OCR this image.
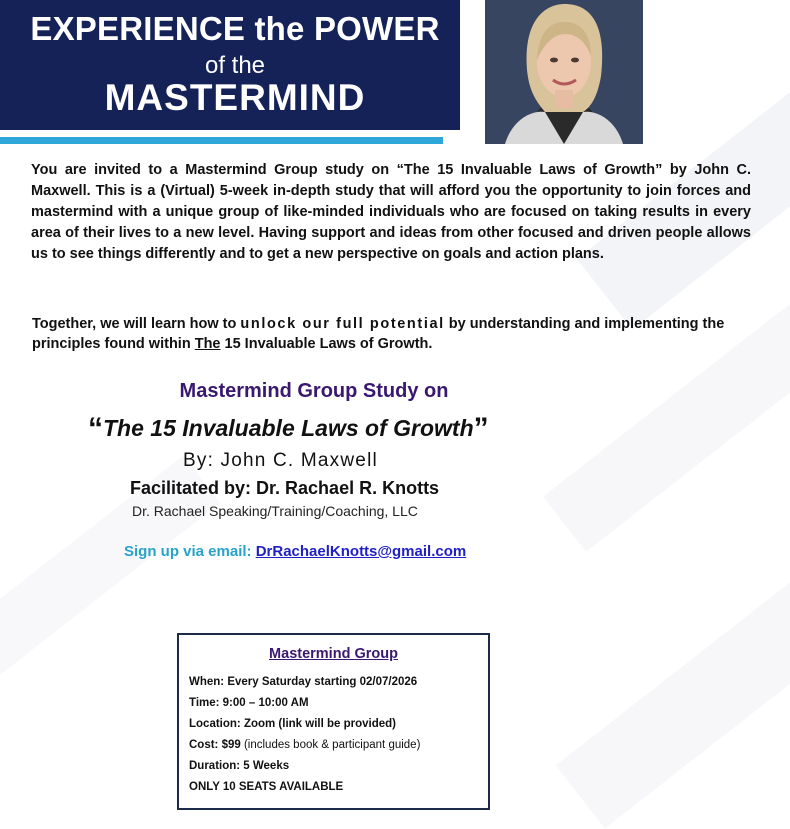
EXPERIENCE the POWER
of the
MASTERMIND
You are invited to a Mastermind Group study on “The 15 Invaluable Laws of Growth” by John C. Maxwell. This is a (Virtual) 5-week in-depth study that will afford you the opportunity to join forces and mastermind with a unique group of like-minded individuals who are focused on taking results in every area of their lives to a new level. Having support and ideas from other focused and driven people allows us to see things differently and to get a new perspective on goals and action plans.
Together, we will learn how to unlock our full potential by understanding and implementing the principles found within The 15 Invaluable Laws of Growth.
Mastermind Group Study on
“The 15 Invaluable Laws of Growth”
By: John C. Maxwell
Facilitated by: Dr. Rachael R. Knotts
Dr. Rachael Speaking/Training/Coaching, LLC
Sign up via email: DrRachaelKnotts@gmail.com
Mastermind Group
When: Every Saturday starting 02/07/2026
Time: 9:00 – 10:00 AM
Location: Zoom (link will be provided)
Cost: $99 (includes book & participant guide)
Duration: 5 Weeks
ONLY 10 SEATS AVAILABLE
